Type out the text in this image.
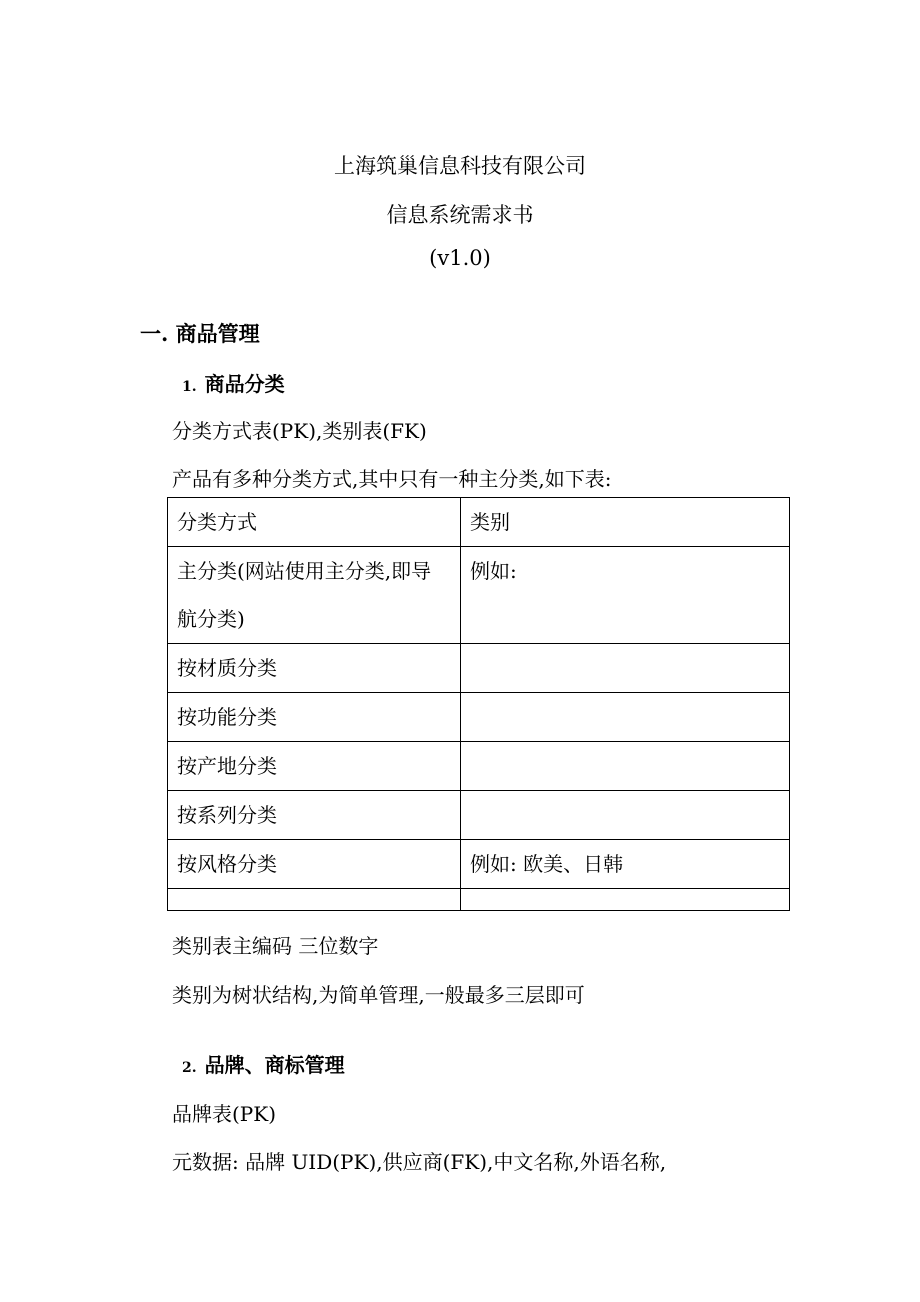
上海筑巢信息科技有限公司
信息系统需求书
(v1.0)
一. 商品管理
1. 商品分类
分类方式表(PK),类别表(FK)
产品有多种分类方式,其中只有一种主分类,如下表:
分类方式	类别
主分类(网站使用主分类,即导航分类)	例如:
按材质分类	
按功能分类	
按产地分类	
按系列分类	
按风格分类	例如: 欧美、日韩

类别表主编码 三位数字
类别为树状结构,为简单管理,一般最多三层即可
2. 品牌、商标管理
品牌表(PK)
元数据: 品牌 UID(PK),供应商(FK),中文名称,外语名称,
